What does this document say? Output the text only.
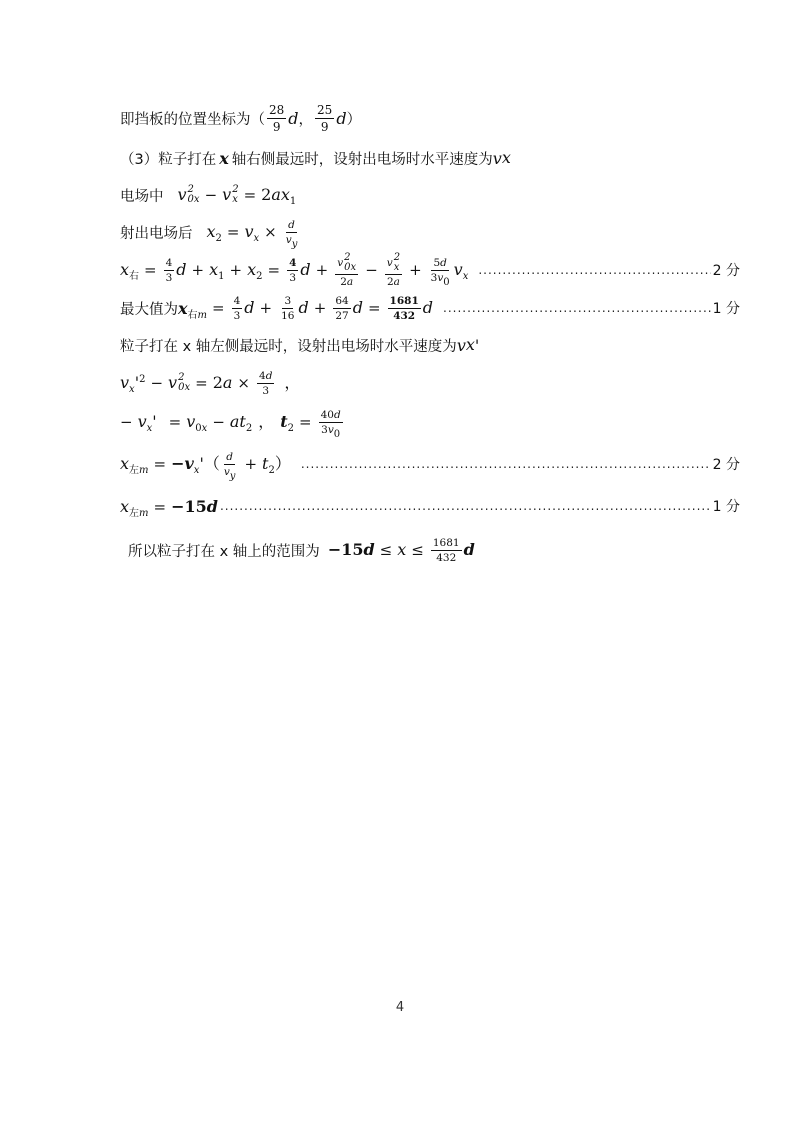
即挡板的位置坐标为（ $\frac{28}{9}$ d ， $\frac{25}{9}$ d ）
（3）粒子打在 x 轴右侧最远时，设射出电场时水平速度为 v x
电场中 v 2
0x − v 2
$x = 2ax_1$
射出电场后 $x_2 = v_x \times \frac{d}{v_y}$
$x_右 = \frac{4}{3}$ $d + x_1 + x_2 = \frac{4}{3}$ d + v 2
0x
2a − v 2
x
$2a + \frac{5d}{3v_0} v_x$ .....	2 分
最大值为 $x_{右m} = \frac{4}{3}$ $d + \frac{3}{16}$ $d + \frac{64}{27}$ $d = \frac{1681}{432}$ d .....	1 分
粒子打在 x 轴左侧最远时，设射出电场时水平速度为 v x '
$v_x'^2 - v$ 2
$0x = 2a \times \frac{4d}{3}$ ，
− $v_x' = v_{0x} - at_2$ ， $t_2 = \frac{40d}{3v_0}$
$x_{左m} = -v_x'( \frac{d}{v_y} + t_2)$ .....	2 分
$x_{左m} = -15d$ .....	1 分
所以粒子打在 x 轴上的范围为 $-15d \le x \le \frac{1681}{432}$ d
4
